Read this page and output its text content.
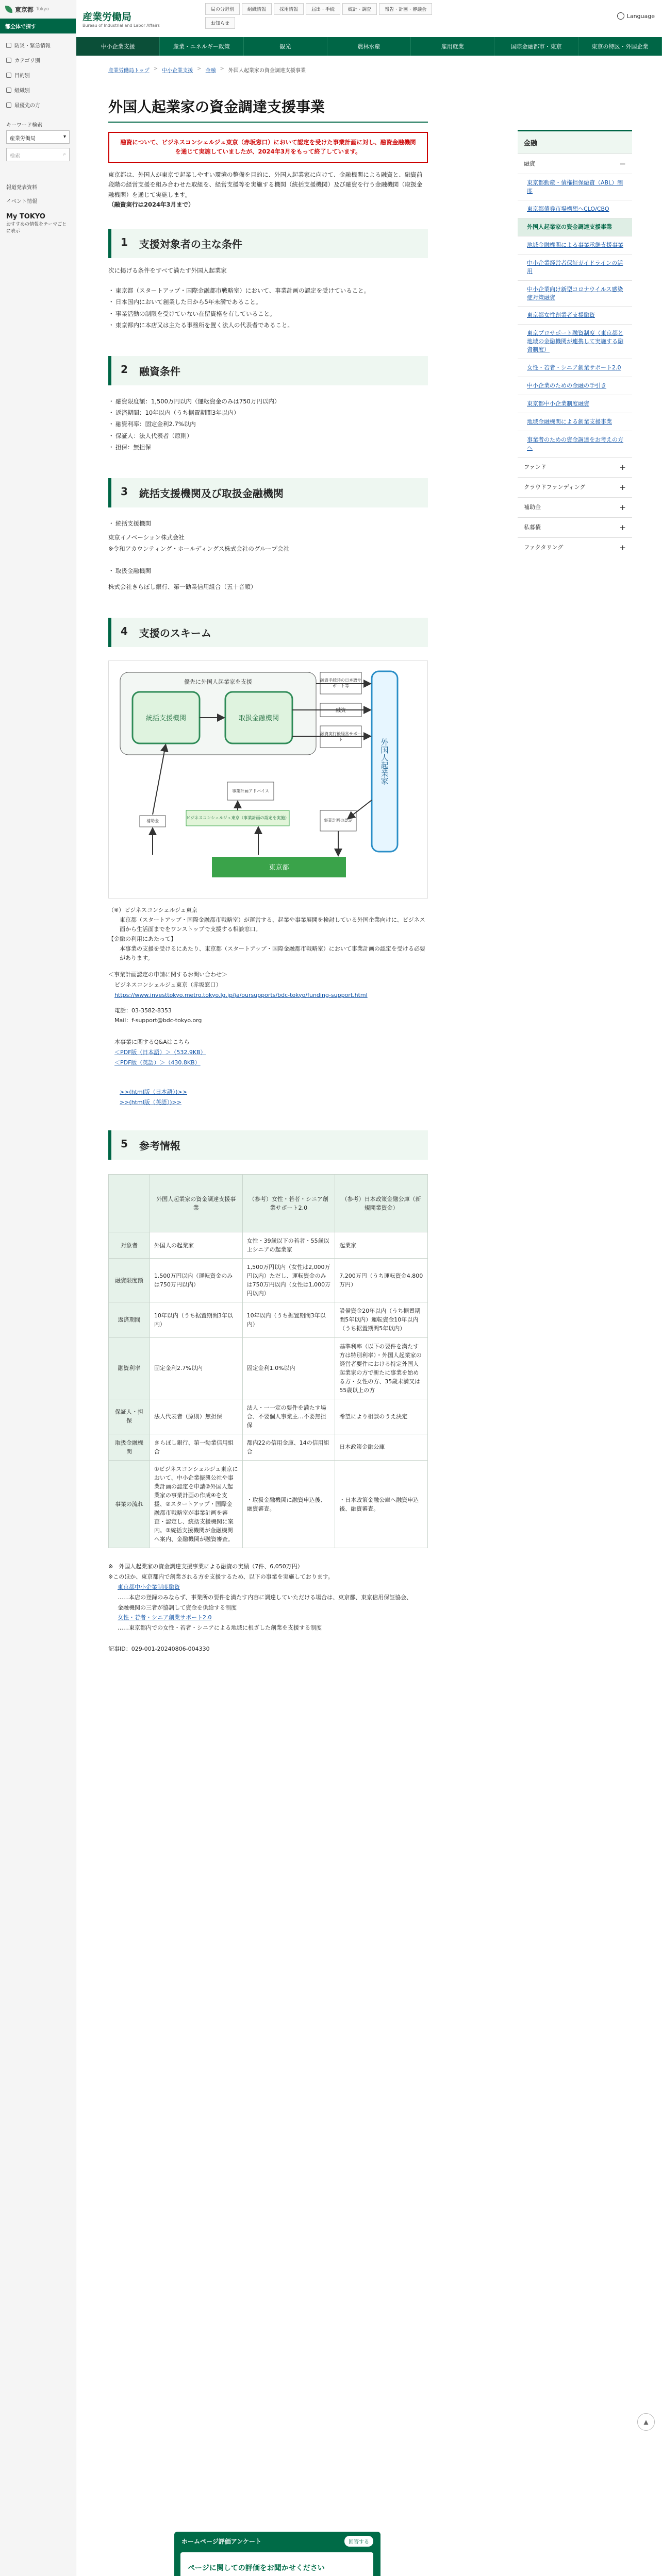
東京都 Tokyo
都全体で探す
防災・緊急情報
カテゴリ別
目的別
組織別
最優先の方
キーワード検索
産業労働局	▾
検索	⌕
報道発表資料
イベント情報
My TOKYO
おすすめの情報をテーマごとに表示
産業労働局
Bureau of Industrial and Labor Affairs
局の分野別	組織情報	採用情報	届出・手続	統計・調査	報告・計画・審議会
お知らせ
Language
中小企業支援	産業・エネルギー政策	観光	農林水産	雇用就業	国際金融都市・東京	東京の特区・外国企業
産業労働局トップ > 中小企業支援 > 金融 > 外国人起業家の資金調達支援事業
外国人起業家の資金調達支援事業
融資について、ビジネスコンシェルジュ東京（赤坂窓口）において認定を受けた事業計画に対し、融資金融機関を通じて実施していましたが、2024年3月をもって終了しています。
東京都は、外国人が東京で起業しやすい環境の整備を目的に、外国人起業家に向けて、金融機関による融資と、融資前段階の経営支援を組み合わせた取組を、経営支援等を実施する機関（統括支援機関）及び融資を行う金融機関（取扱金融機関）を通じて実施します。
（融資実行は2024年3月まで）
1 支援対象者の主な条件
次に掲げる条件をすべて満たす外国人起業家
・ 東京都（スタートアップ・国際金融都市戦略室）において、事業計画の認定を受けていること。
・ 日本国内において創業した日から5年未満であること。
・ 事業活動の制限を受けていない在留資格を有していること。
・ 東京都内に本店又は主たる事務所を置く法人の代表者であること。
2 融資条件
・ 融資限度額：1,500万円以内（運転資金のみは750万円以内）
・ 返済期間：10年以内（うち据置期間3年以内）
・ 融資利率：固定金利2.7%以内
・ 保証人：法人代表者（原則）
・ 担保：無担保
3 統括支援機関及び取扱金融機関
・ 統括支援機関
東京イノベーション株式会社
※令和アカウンティング・ホールディングス株式会社のグループ会社
・ 取扱金融機関
株式会社きらぼし銀行、第一勧業信用組合（五十音順）
4 支援のスキーム
優先に外国人起業家を支援
統括支援機関	取扱金融機関
外国人起業家
融資手続時の日本語サポート等
融資
融資実行後経営サポート
東京都
ビジネスコンシェルジュ東京（事業計画の認定を実施）
事業計画の認定
事業計画アドバイス
補助金
（※）ビジネスコンシェルジュ東京
東京都（スタートアップ・国際金融都市戦略室）が運営する、起業や事業展開を検討している外国企業向けに、ビジネス面から生活面までをワンストップで支援する相談窓口。
【金融の利用にあたって】
本事業の支援を受けるにあたり、東京都（スタートアップ・国際金融都市戦略室）において事業計画の認定を受ける必要があります。
＜事業計画認定の申請に関するお問い合わせ＞
ビジネスコンシェルジュ東京（赤坂窓口）
https://www.investtokyo.metro.tokyo.lg.jp/ja/oursupports/bdc-tokyo/funding-support.html
電話：03-3582-8353
Mail：f-support@bdc-tokyo.org
本事業に関するQ&Aはこちら
＜PDF版（日本語）＞（532.9KB）
＜PDF版（英語）＞（430.8KB）
>>(html版（日本語）)>>
>>(html版（英語）)>>
5 参考情報
	外国人起業家の資金調達支援事業	（参考）女性・若者・シニア創業サポート2.0	（参考）日本政策金融公庫（新規開業資金）
対象者	外国人の起業家	女性・39歳以下の若者・55歳以上シニアの起業家	起業家
融資限度額	1,500万円以内（運転資金のみは750万円以内）	1,500万円以内（女性は2,000万円以内）ただし、運転資金のみは750万円以内（女性は1,000万円以内）	7,200万円（うち運転資金4,800万円）
返済期間	10年以内（うち据置期間3年以内）	10年以内（うち据置期間3年以内）	設備資金20年以内（うち据置期間5年以内）運転資金10年以内（うち据置期間5年以内）
融資利率	固定金利2.7%以内	固定金利1.0%以内	基準利率（以下の要件を満たす方は特別利率）・外国人起業家の経営者要件における特定外国人起業家の方で新たに事業を始める方・女性の方、35歳未満又は55歳以上の方
保証人・担保	法人代表者（原則）無担保	法人・一一定の要件を満たす場合、不要個人事業主…不要無担保	希望により相談のうえ決定
取扱金融機関	きらぼし銀行、第一勧業信用組合	都内22の信用金庫、14の信用組合	日本政策金融公庫
事業の流れ	①ビジネスコンシェルジュ東京において、中小企業振興公社や事業計画の認定を申請②外国人起業家の事業計画の作成④を支援、②スタートアップ・国際金融都市戦略室が事業計画を審査・認定し、統括支援機関に案内。③統括支援機関が金融機関へ案内、金融機関が融資審査。	・取扱金融機関に融資申込後、融資審査。	・日本政策金融公庫へ融資申込後、融資審査。
※　外国人起業家の資金調達支援事業による融資の実績（7件、6,050万円）
※このほか、東京都内で創業される方を支援するため、以下の事業を実施しております。
東京都中小企業制度融資
……本店の登録のみならず、事業所の要件を満たす内容に調達していただける場合は、東京都、東京信用保証協会、
金融機関の三者が協調して資金を供給する制度
女性・若者・シニア創業サポート2.0
……東京都内での女性・若者・シニアによる地域に根ざした創業を支援する制度
記事ID：029-001-20240806-004330
金融
融資	−
東京都動産・債権担保融資（ABL）制度
東京都債券市場構想へCLO/CBO
外国人起業家の資金調達支援事業
地域金融機関による事業承継支援事業
中小企業経営者保証ガイドラインの活用
中小企業向け新型コロナウイルス感染症対策融資
東京都女性創業者支援融資
東京プロサポート融資制度（東京都と地域の金融機関が連携して実施する融資制度）
女性・若者・シニア創業サポート2.0
中小企業のための金融の手引き
東京都中小企業制度融資
地域金融機関による創業支援事業
事業者のための資金調達をお考えの方へ
ファンド	+
クラウドファンディング	+
補助金	+
私募債	+
ファクタリング	+
▲
ホームページ評価アンケート
ページに関しての評価をお聞かせください
回答する
